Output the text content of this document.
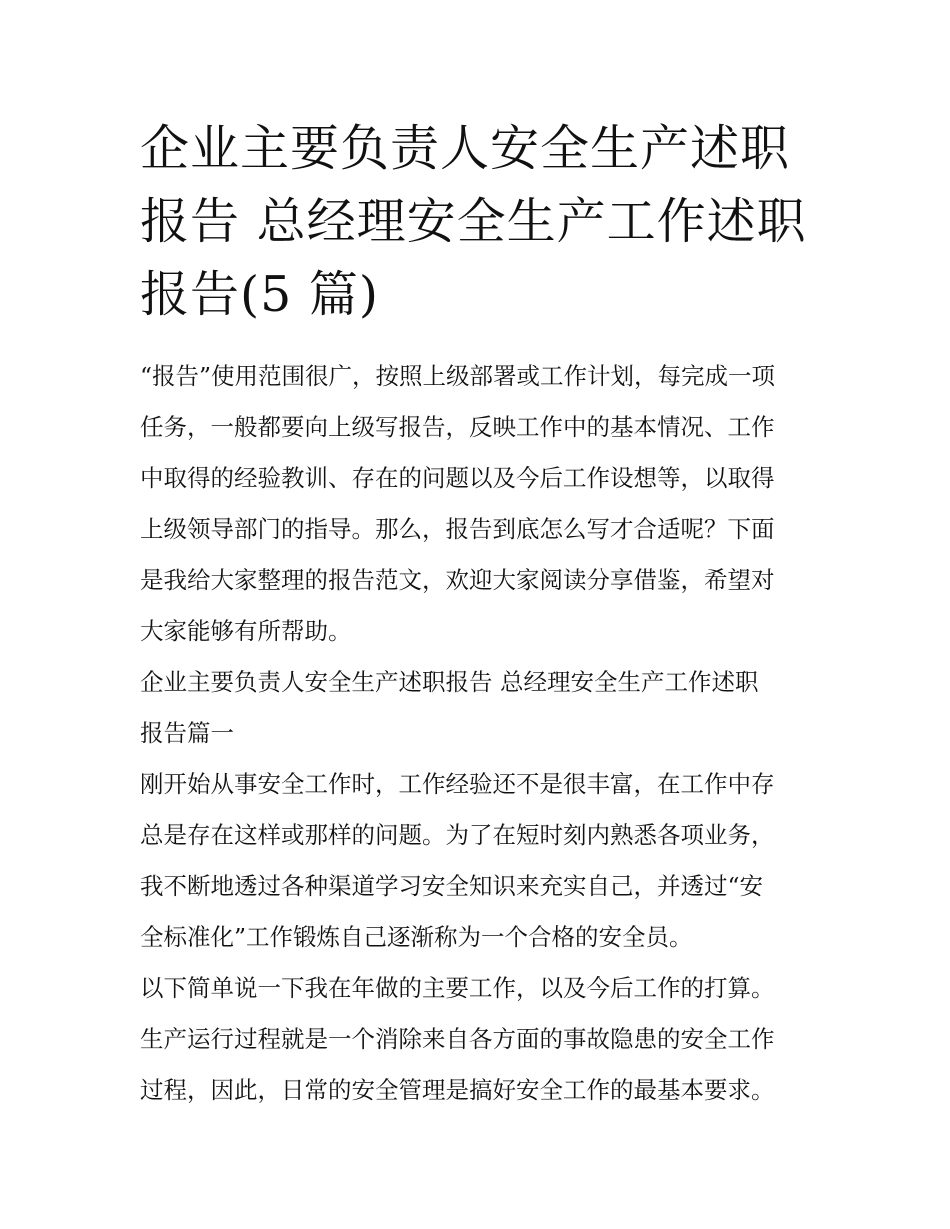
企业主要负责人安全生产述职
报告 总经理安全生产工作述职
报告(5 篇)

“报告”使用范围很广，按照上级部署或工作计划，每完成一项
任务，一般都要向上级写报告，反映工作中的基本情况、工作
中取得的经验教训、存在的问题以及今后工作设想等，以取得
上级领导部门的指导。那么，报告到底怎么写才合适呢？下面
是我给大家整理的报告范文，欢迎大家阅读分享借鉴，希望对
大家能够有所帮助。

企业主要负责人安全生产述职报告 总经理安全生产工作述职
报告篇一

刚开始从事安全工作时，工作经验还不是很丰富，在工作中存
总是存在这样或那样的问题。为了在短时刻内熟悉各项业务，
我不断地透过各种渠道学习安全知识来充实自己，并透过“安
全标准化”工作锻炼自己逐渐称为一个合格的安全员。

以下简单说一下我在年做的主要工作，以及今后工作的打算。

生产运行过程就是一个消除来自各方面的事故隐患的安全工作
过程，因此，日常的安全管理是搞好安全工作的最基本要求。
